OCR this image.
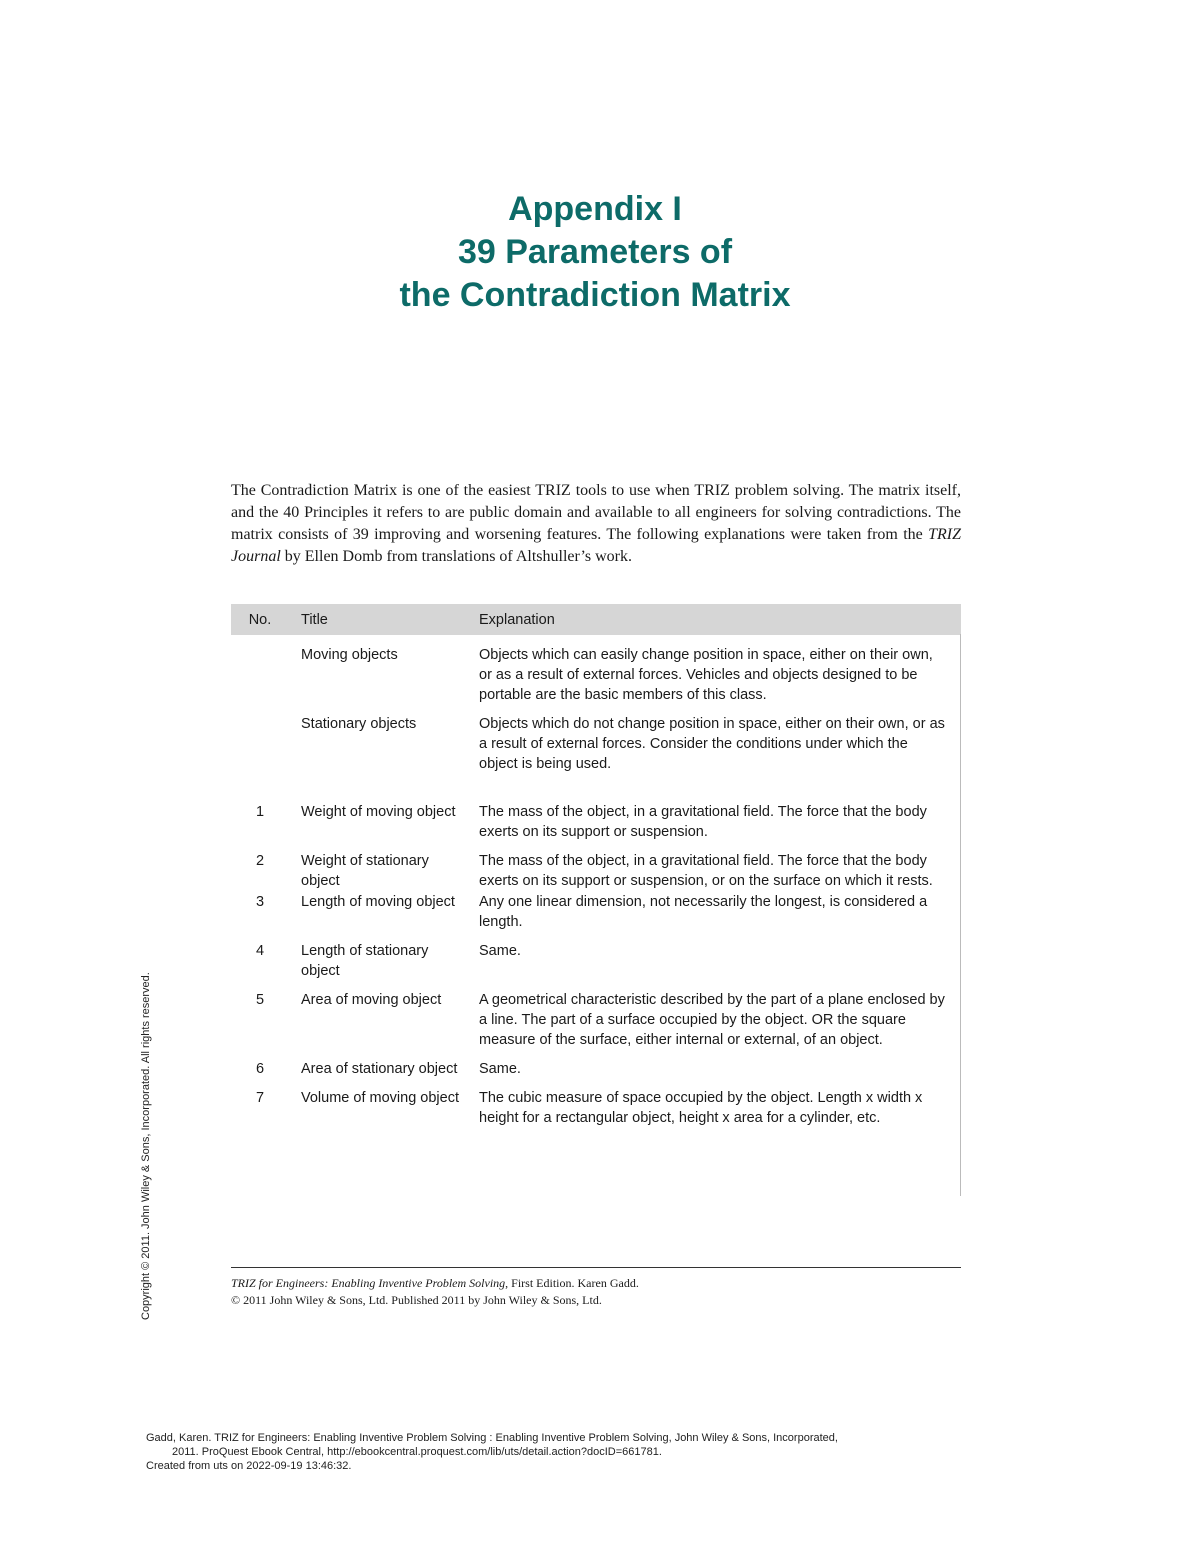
Appendix I
39 Parameters of
the Contradiction Matrix

The Contradiction Matrix is one of the easiest TRIZ tools to use when TRIZ problem solving. The matrix itself, and the 40 Principles it refers to are public domain and available to all engineers for solving contradictions. The matrix consists of 39 improving and worsening features. The following explanations were taken from the TRIZ Journal by Ellen Domb from translations of Altshuller’s work.

No.	Title	Explanation
	Moving objects	Objects which can easily change position in space, either on their own, or as a result of external forces. Vehicles and objects designed to be portable are the basic members of this class.
	Stationary objects	Objects which do not change position in space, either on their own, or as a result of external forces. Consider the conditions under which the object is being used.
1	Weight of moving object	The mass of the object, in a gravitational field. The force that the body exerts on its support or suspension.
2	Weight of stationary object	The mass of the object, in a gravitational field. The force that the body exerts on its support or suspension, or on the surface on which it rests.
3	Length of moving object	Any one linear dimension, not necessarily the longest, is considered a length.
4	Length of stationary object	Same.
5	Area of moving object	A geometrical characteristic described by the part of a plane enclosed by a line. The part of a surface occupied by the object. OR the square measure of the surface, either internal or external, of an object.
6	Area of stationary object	Same.
7	Volume of moving object	The cubic measure of space occupied by the object. Length x width x height for a rectangular object, height x area for a cylinder, etc.
TRIZ for Engineers: Enabling Inventive Problem Solving, First Edition. Karen Gadd.
© 2011 John Wiley & Sons, Ltd. Published 2011 by John Wiley & Sons, Ltd.
Copyright © 2011. John Wiley & Sons, Incorporated. All rights reserved.
Gadd, Karen. TRIZ for Engineers: Enabling Inventive Problem Solving : Enabling Inventive Problem Solving, John Wiley & Sons, Incorporated,
2011. ProQuest Ebook Central, http://ebookcentral.proquest.com/lib/uts/detail.action?docID=661781.
Created from uts on 2022-09-19 13:46:32.
